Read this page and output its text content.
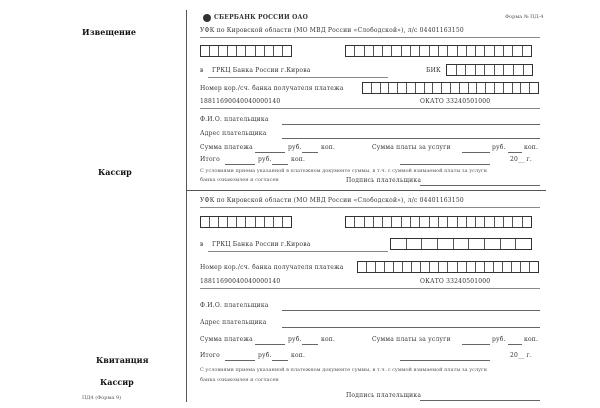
Извещение
Кассир
Квитанция
Кассир
ПД4 (Форма 9)
СБЕРБАНК РОССИИ ОАО	Форма № ПД-4
УФК по Кировской области (МО МВД России «Слободской»), л/с 04401163150
в ГРКЦ Банка России г.Кирова	БИК
Номер кор./сч. банка получателя платежа
18811690040040000140	ОКАТО 33240501000
Ф.И.О. плательщика
Адрес плательщика
Сумма платежа	руб.	коп.	Сумма платы за услуги	руб.	коп.
Итого	руб.	коп.	20__ г.
С условиями приема указанной в платежном документе суммы, в т.ч. с суммой взимаемой платы за услуги
банка ознакомлен и согласен	Подпись плательщика
УФК по Кировской области (МО МВД России «Слободской»), л/с 04401163150
в ГРКЦ Банка России г.Кирова
Номер кор./сч. банка получателя платежа
18811690040040000140	ОКАТО 33240501000
Ф.И.О. плательщика
Адрес плательщика
Сумма платежа	руб.	коп.	Сумма платы за услуги	руб.	коп.
Итого	руб.	коп.	20__ г.
С условиями приема указанной в платежном документе суммы, в т.ч. с суммой взимаемой платы за услуги
банка ознакомлен и согласен
Подпись плательщика
